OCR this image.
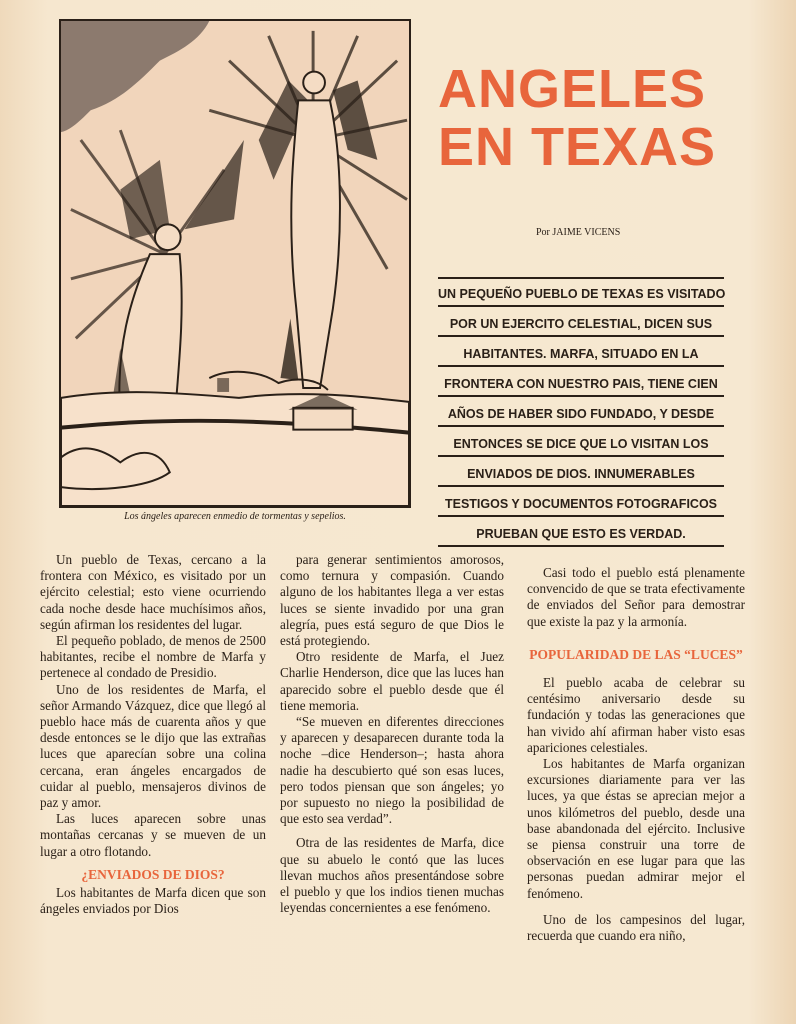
Los ángeles aparecen enmedio de tormentas y sepelios.
ANGELES
EN TEXAS
Por JAIME VICENS
UN PEQUEÑO PUEBLO DE TEXAS ES VISITADO
POR UN EJERCITO CELESTIAL, DICEN SUS
HABITANTES. MARFA, SITUADO EN LA
FRONTERA CON NUESTRO PAIS, TIENE CIEN
AÑOS DE HABER SIDO FUNDADO, Y DESDE
ENTONCES SE DICE QUE LO VISITAN LOS
ENVIADOS DE DIOS. INNUMERABLES
TESTIGOS Y DOCUMENTOS FOTOGRAFICOS
PRUEBAN QUE ESTO ES VERDAD.

Un pueblo de Texas, cercano a la frontera con México, es visitado por un ejército celestial; esto viene ocurriendo cada noche desde hace muchísimos años, según afirman los residentes del lugar.

El pequeño poblado, de menos de 2500 habitantes, recibe el nombre de Marfa y pertenece al condado de Presidio.

Uno de los residentes de Marfa, el señor Armando Vázquez, dice que llegó al pueblo hace más de cuarenta años y que desde entonces se le dijo que las extrañas luces que aparecían sobre una colina cercana, eran ángeles encargados de cuidar al pueblo, mensajeros divinos de paz y amor.

Las luces aparecen sobre unas montañas cercanas y se mueven de un lugar a otro flotando.

¿ENVIADOS DE DIOS?

Los habitantes de Marfa dicen que son ángeles enviados por Dios

para generar sentimientos amorosos, como ternura y compasión. Cuando alguno de los habitantes llega a ver estas luces se siente invadido por una gran alegría, pues está seguro de que Dios le está protegiendo.

Otro residente de Marfa, el Juez Charlie Henderson, dice que las luces han aparecido sobre el pueblo desde que él tiene memoria.

“Se mueven en diferentes direcciones y aparecen y desaparecen durante toda la noche –dice Henderson–; hasta ahora nadie ha descubierto qué son esas luces, pero todos piensan que son ángeles; yo por supuesto no niego la posibilidad de que esto sea verdad”.

Otra de las residentes de Marfa, dice que su abuelo le contó que las luces llevan muchos años presentándose sobre el pueblo y que los indios tienen muchas leyendas concernientes a ese fenómeno.

Casi todo el pueblo está plenamente convencido de que se trata efectivamente de enviados del Señor para demostrar que existe la paz y la armonía.

POPULARIDAD DE LAS “LUCES”

El pueblo acaba de celebrar su centésimo aniversario desde su fundación y todas las generaciones que han vivido ahí afirman haber visto esas apariciones celestiales.

Los habitantes de Marfa organizan excursiones diariamente para ver las luces, ya que éstas se aprecian mejor a unos kilómetros del pueblo, desde una base abandonada del ejército. Inclusive se piensa construir una torre de observación en ese lugar para que las personas puedan admirar mejor el fenómeno.

Uno de los campesinos del lugar, recuerda que cuando era niño,
